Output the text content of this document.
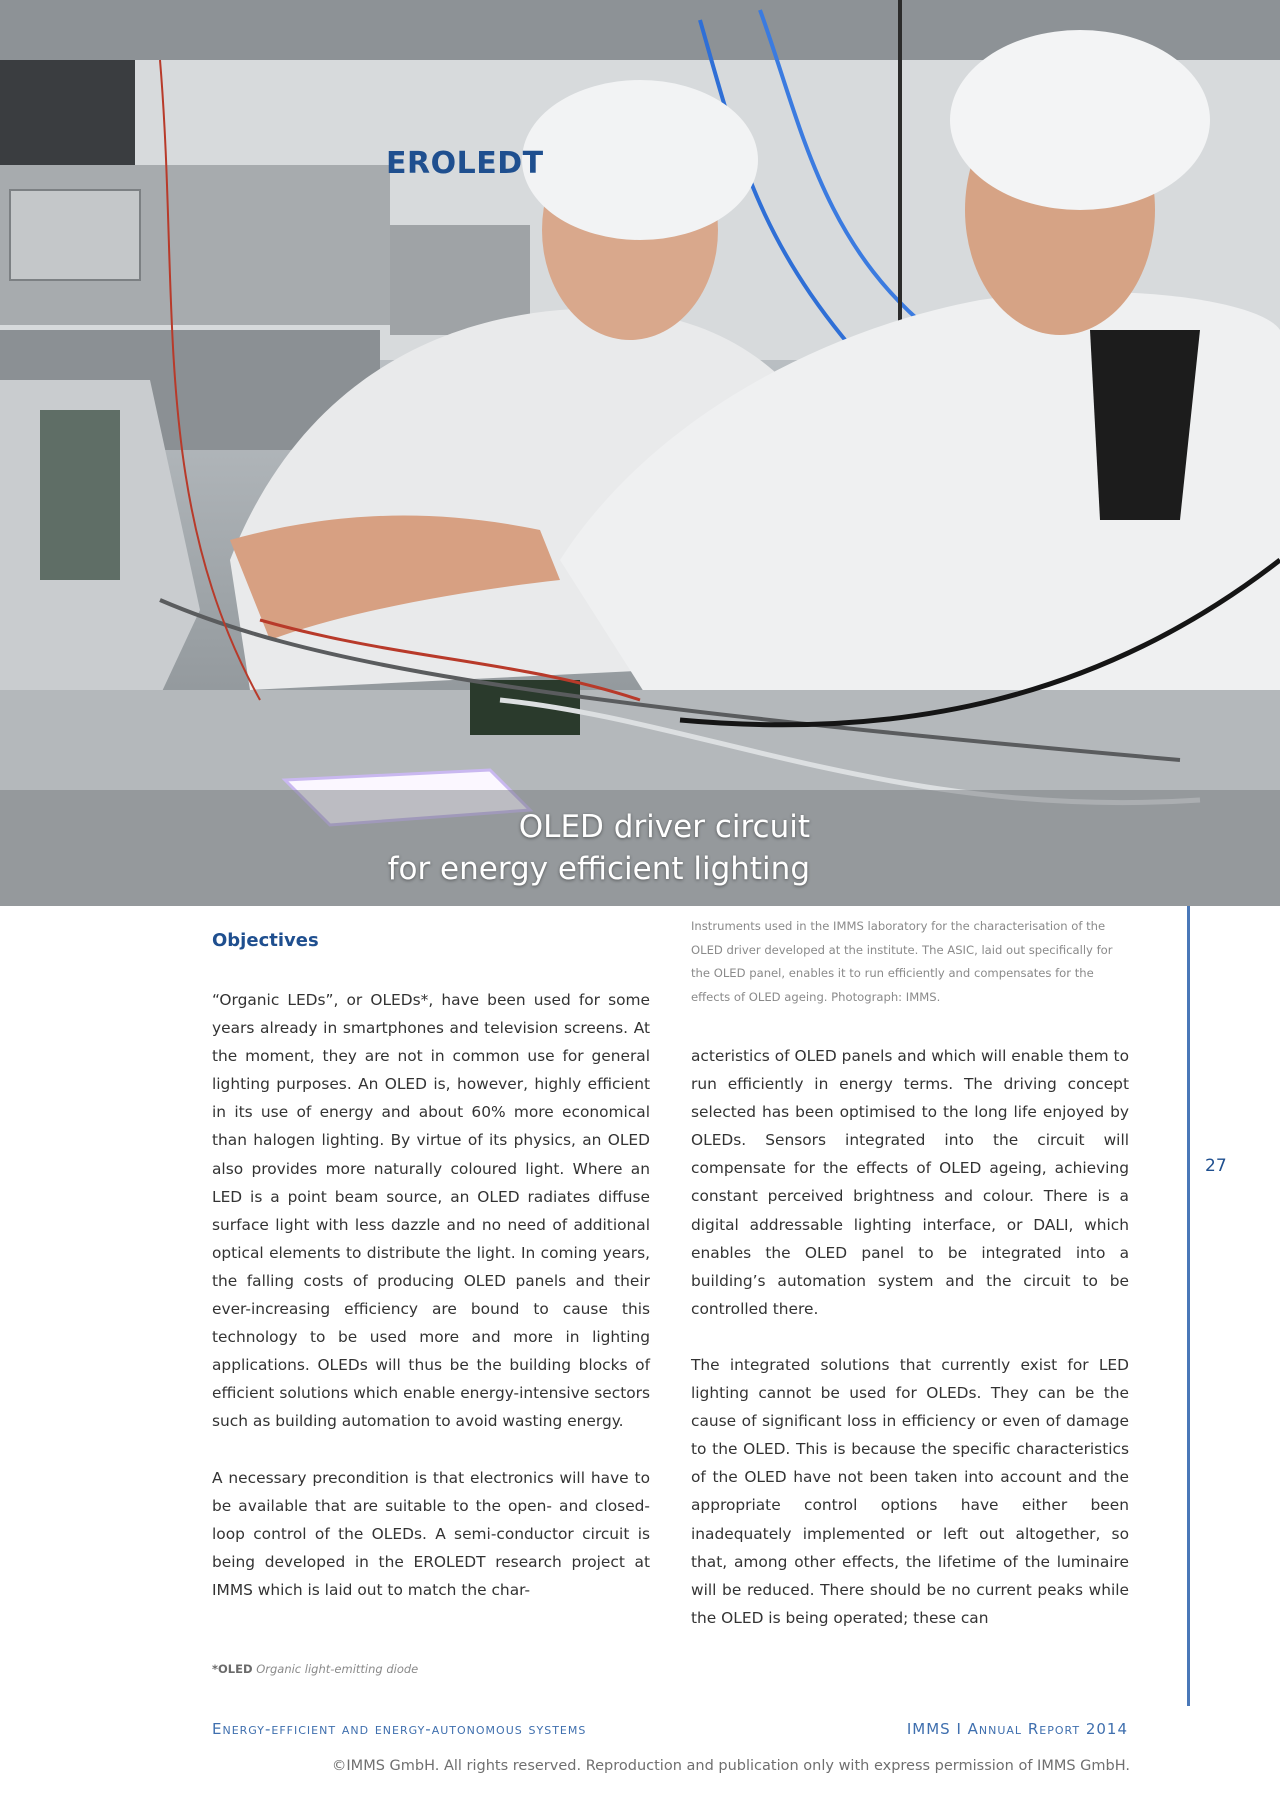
EROLEDT
OLED driver circuit
for energy efficient lighting
Instruments used in the IMMS laboratory for the characterisation of the OLED driver developed at the institute. The ASIC, laid out specifically for the OLED panel, enables it to run efficiently and compensates for the effects of OLED ageing. Photograph: IMMS.
Objectives

“Organic LEDs”, or OLEDs*, have been used for some years already in smartphones and television screens. At the moment, they are not in common use for general lighting purposes. An OLED is, however, highly efficient in its use of energy and about 60% more economical than halogen lighting. By virtue of its physics, an OLED also provides more naturally coloured light. Where an LED is a point beam source, an OLED radiates diffuse surface light with less dazzle and no need of additional optical elements to distribute the light. In coming years, the falling costs of producing OLED panels and their ever-increasing efficiency are bound to cause this technology to be used more and more in lighting applications. OLEDs will thus be the building blocks of efficient solutions which enable energy-intensive sectors such as building automation to avoid wasting energy.

A necessary precondition is that electronics will have to be available that are suitable to the open- and closed-loop control of the OLEDs. A semi-conductor circuit is being developed in the EROLEDT research project at IMMS which is laid out to match the char-

acteristics of OLED panels and which will enable them to run efficiently in energy terms. The driving concept selected has been optimised to the long life enjoyed by OLEDs. Sensors integrated into the circuit will compensate for the effects of OLED ageing, achieving constant perceived brightness and colour. There is a digital addressable lighting interface, or DALI, which enables the OLED panel to be integrated into a building’s automation system and the circuit to be controlled there.

The integrated solutions that currently exist for LED lighting cannot be used for OLEDs. They can be the cause of significant loss in efficiency or even of damage to the OLED. This is because the specific characteristics of the OLED have not been taken into account and the appropriate control options have either been inadequately implemented or left out altogether, so that, among other effects, the lifetime of the luminaire will be reduced. There should be no current peaks while the OLED is being operated; these can

*OLED Organic light-emitting diode
27
Energy-efficient and energy-autonomous systems	IMMS I Annual Report 2014
©IMMS GmbH. All rights reserved. Reproduction and publication only with express permission of IMMS GmbH.
